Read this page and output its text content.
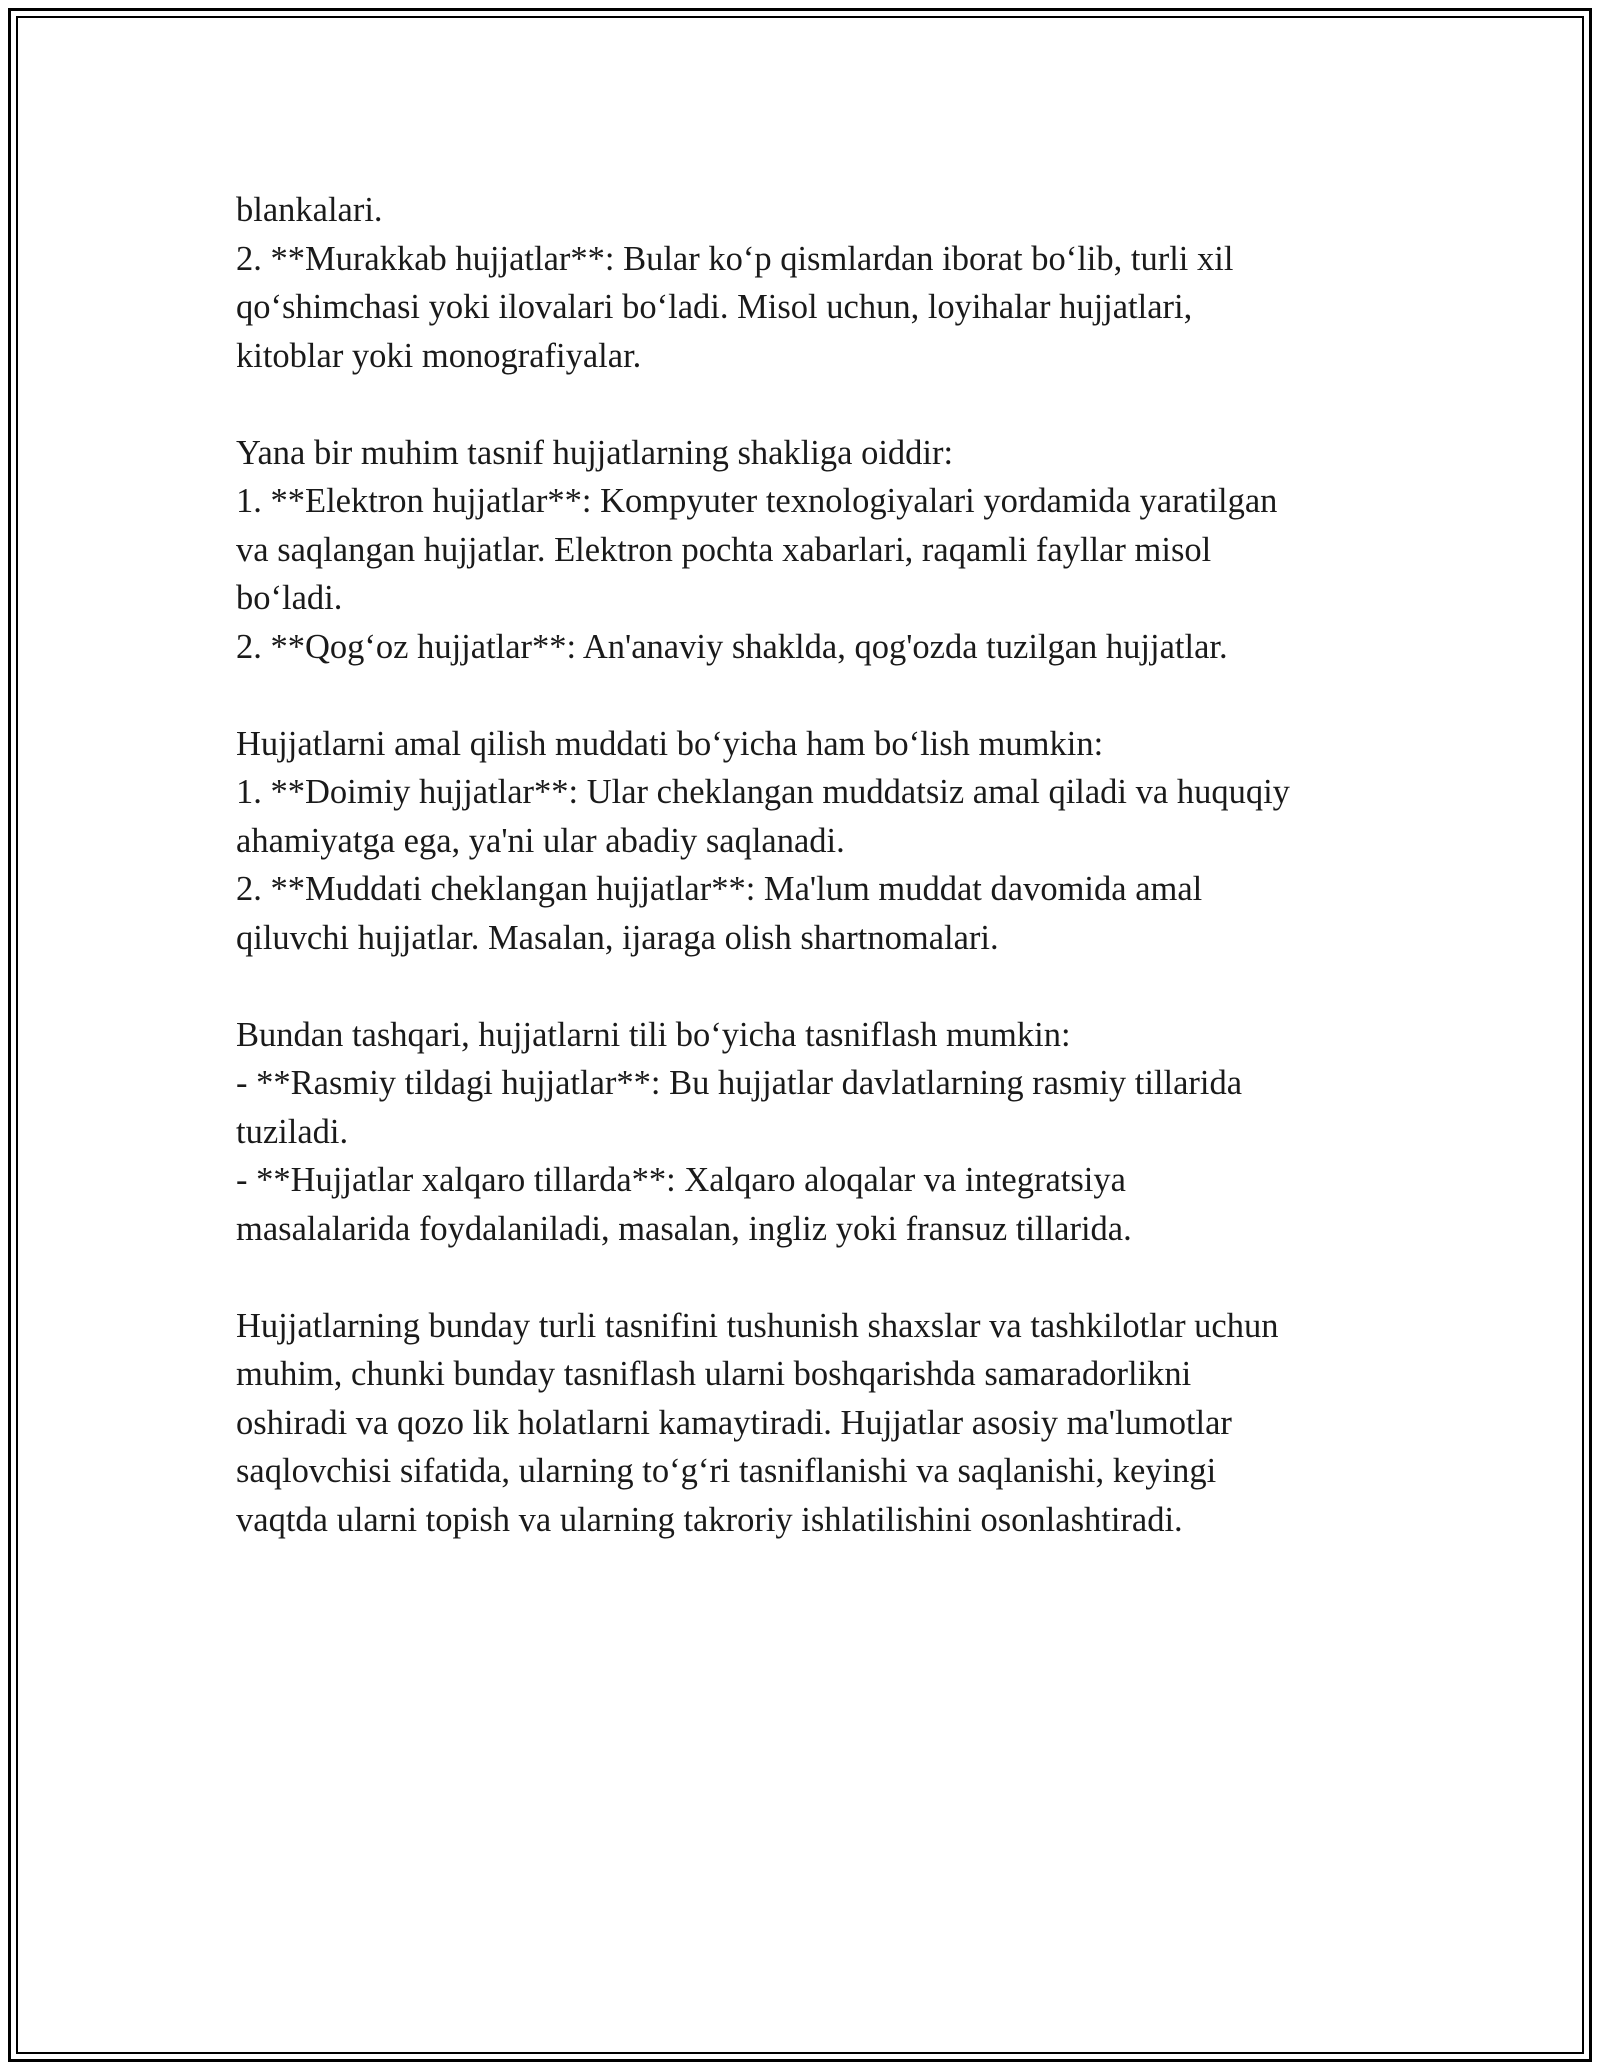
blankalari.
2. **Murakkab hujjatlar**: Bular ko‘p qismlardan iborat bo‘lib, turli xil
qo‘shimchasi yoki ilovalari bo‘ladi. Misol uchun, loyihalar hujjatlari,
kitoblar yoki monografiyalar.
Yana bir muhim tasnif hujjatlarning shakliga oiddir:
1. **Elektron hujjatlar**: Kompyuter texnologiyalari yordamida yaratilgan
va saqlangan hujjatlar. Elektron pochta xabarlari, raqamli fayllar misol
bo‘ladi.
2. **Qog‘oz hujjatlar**: An'anaviy shaklda, qog'ozda tuzilgan hujjatlar.
Hujjatlarni amal qilish muddati bo‘yicha ham bo‘lish mumkin:
1. **Doimiy hujjatlar**: Ular cheklangan muddatsiz amal qiladi va huquqiy
ahamiyatga ega, ya'ni ular abadiy saqlanadi.
2. **Muddati cheklangan hujjatlar**: Ma'lum muddat davomida amal
qiluvchi hujjatlar. Masalan, ijaraga olish shartnomalari.
Bundan tashqari, hujjatlarni tili bo‘yicha tasniflash mumkin:
- **Rasmiy tildagi hujjatlar**: Bu hujjatlar davlatlarning rasmiy tillarida
tuziladi.
- **Hujjatlar xalqaro tillarda**: Xalqaro aloqalar va integratsiya
masalalarida foydalaniladi, masalan, ingliz yoki fransuz tillarida.
Hujjatlarning bunday turli tasnifini tushunish shaxslar va tashkilotlar uchun
muhim, chunki bunday tasniflash ularni boshqarishda samaradorlikni
oshiradi va qozo lik holatlarni kamaytiradi. Hujjatlar asosiy ma'lumotlar
saqlovchisi sifatida, ularning to‘g‘ri tasniflanishi va saqlanishi, keyingi
vaqtda ularni topish va ularning takroriy ishlatilishini osonlashtiradi.
